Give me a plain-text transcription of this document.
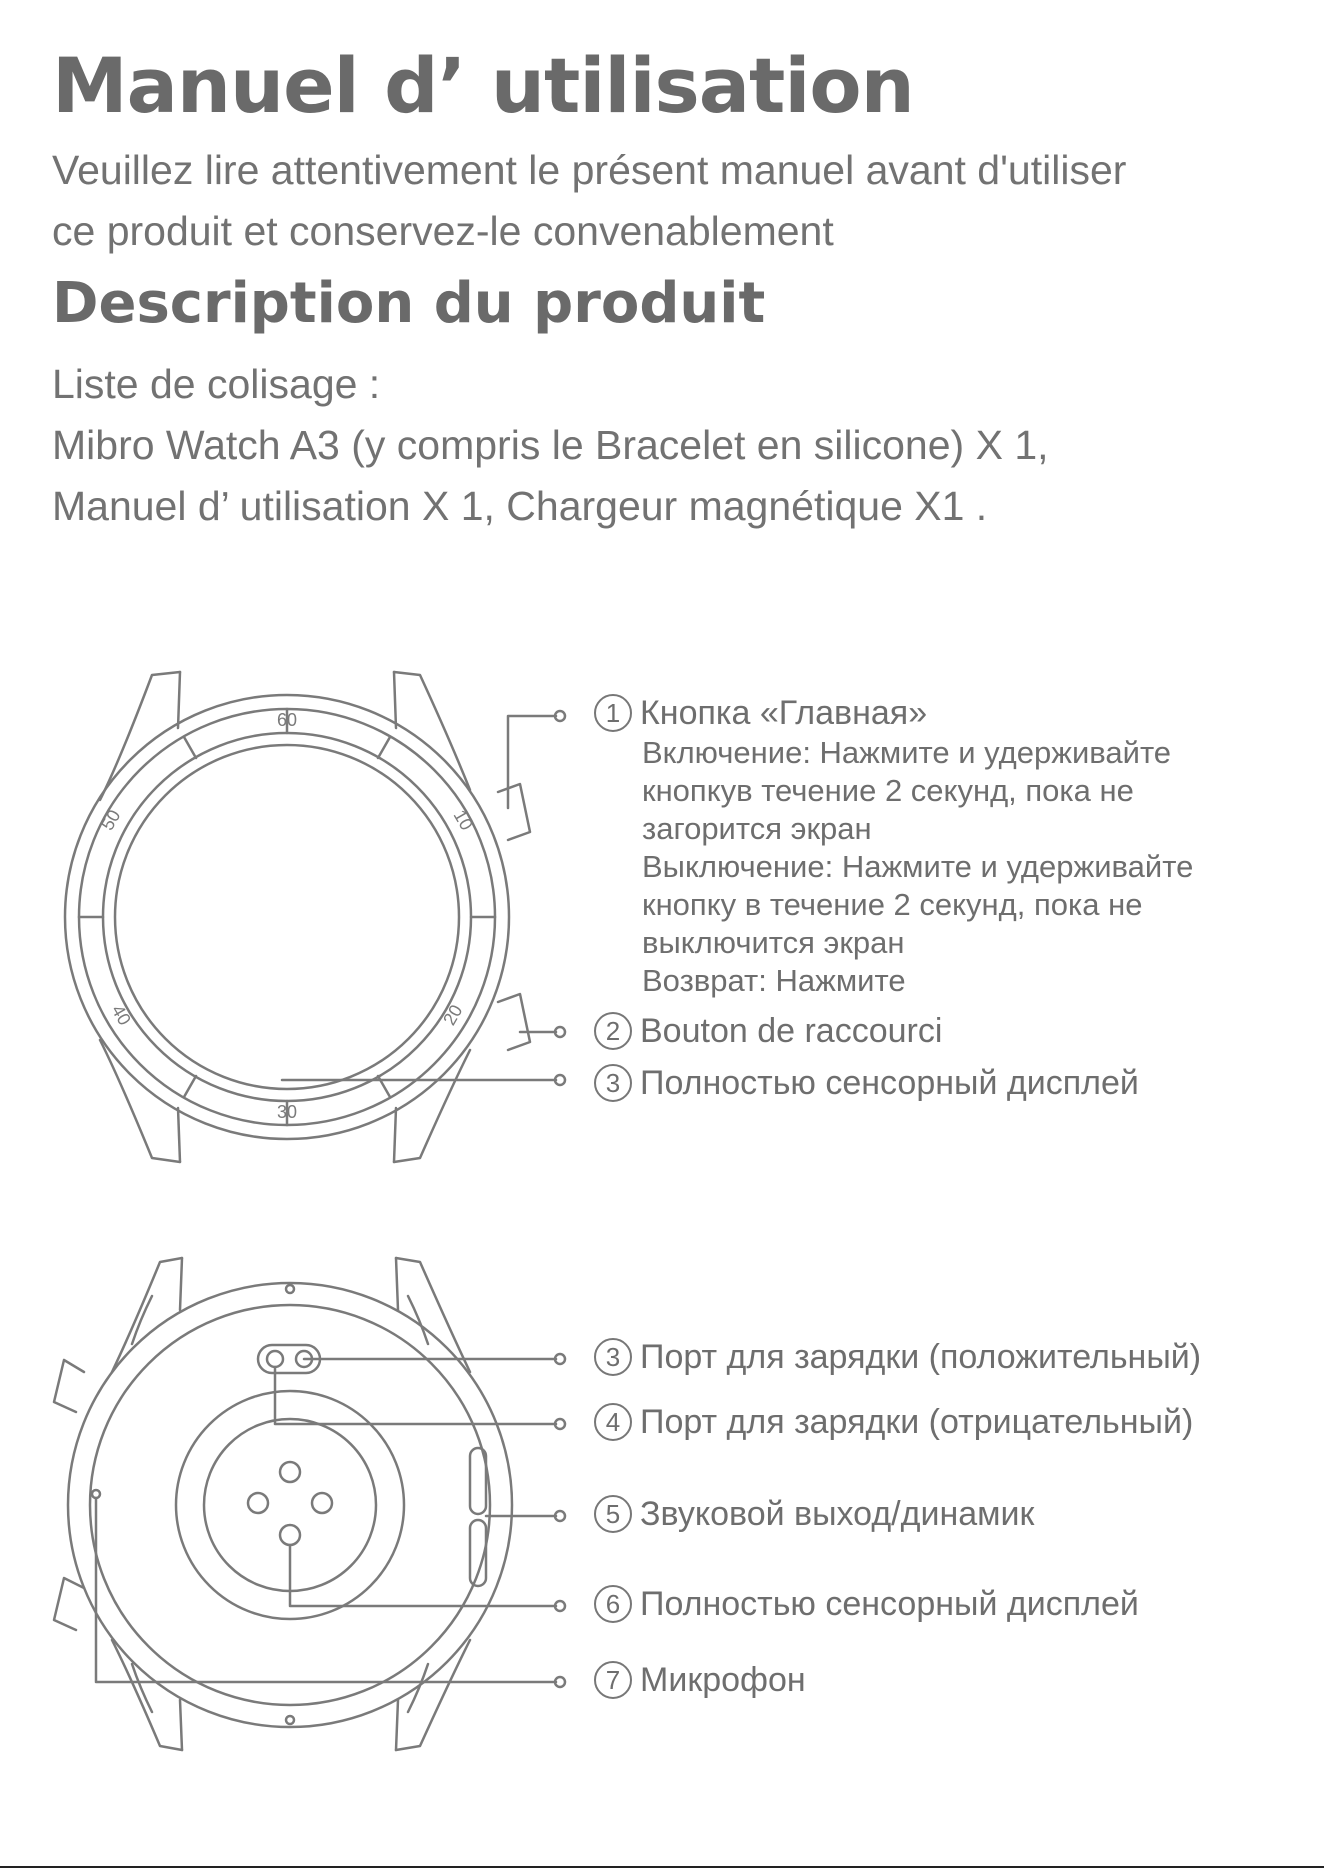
Manuel d’ utilisation
Veuillez lire attentivement le présent manuel avant d'utiliser
ce produit et conservez-le convenablement
Description du produit
Liste de colisage :
Mibro Watch A3 (y compris le Bracelet en silicone) X 1,
Manuel d’ utilisation X 1, Chargeur magnétique X1 .
60
10
20
30
40
50
1 Кнопка «Главная»
Включение: Нажмите и удерживайте
кнопкув течение 2 секунд, пока не
загорится экран
Выключение: Нажмите и удерживайте
кнопку в течение 2 секунд, пока не
выключится экран
Возврат: Нажмите
2 Bouton de raccourci
3 Полностью сенсорный дисплей
3 Порт для зарядки (положительный)
4 Порт для зарядки (отрицательный)
5 Звуковой выход/динамик
6 Полностью сенсорный дисплей
7 Микрофон
